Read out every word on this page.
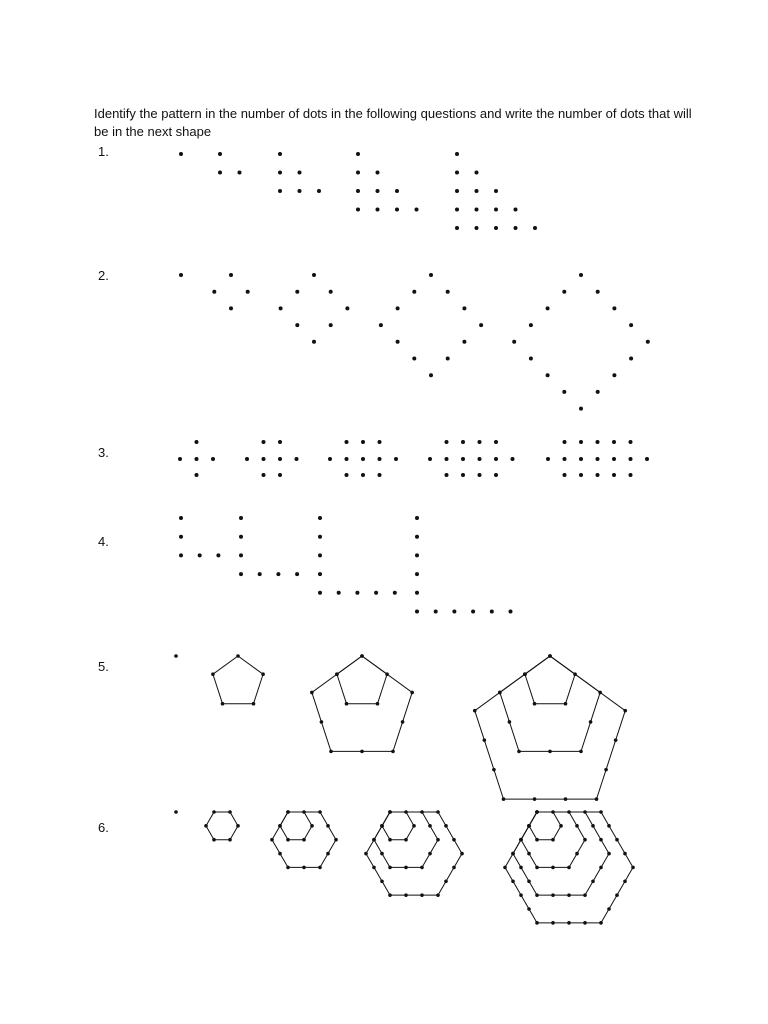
Identify the pattern in the number of dots in the following questions and write the number of dots that will be in the next shape

1.
2.
3.
4.
5.
6.
